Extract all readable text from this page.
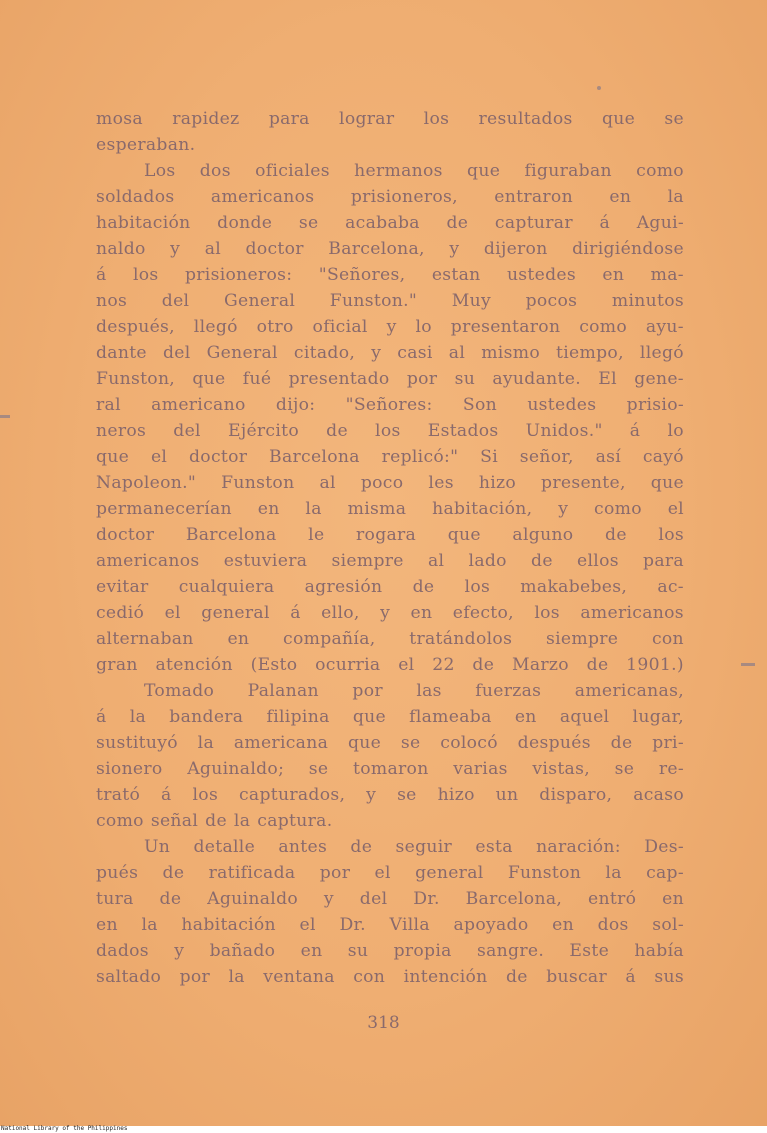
mosa rapidez para lograr los resultados que se
esperaban.
Los dos oficiales hermanos que figuraban como
soldados americanos prisioneros, entraron en la
habitación donde se acababa de capturar á Agui-
naldo y al doctor Barcelona, y dijeron dirigiéndose
á los prisioneros: "Señores, estan ustedes en ma-
nos del General Funston." Muy pocos minutos
después, llegó otro oficial y lo presentaron como ayu-
dante del General citado, y casi al mismo tiempo, llegó
Funston, que fué presentado por su ayudante. El gene-
ral americano dijo: "Señores: Son ustedes prisio-
neros del Ejército de los Estados Unidos." á lo
que el doctor Barcelona replicó:" Si señor, así cayó
Napoleon." Funston al poco les hizo presente, que
permanecerían en la misma habitación, y como el
doctor Barcelona le rogara que alguno de los
americanos estuviera siempre al lado de ellos para
evitar cualquiera agresión de los makabebes, ac-
cedió el general á ello, y en efecto, los americanos
alternaban en compañía, tratándolos siempre con
gran atención (Esto ocurria el 22 de Marzo de 1901.)
Tomado Palanan por las fuerzas americanas,
á la bandera filipina que flameaba en aquel lugar,
sustituyó la americana que se colocó después de pri-
sionero Aguinaldo; se tomaron varias vistas, se re-
trató á los capturados, y se hizo un disparo, acaso
como señal de la captura.
Un detalle antes de seguir esta naración: Des-
pués de ratificada por el general Funston la cap-
tura de Aguinaldo y del Dr. Barcelona, entró en
en la habitación el Dr. Villa apoyado en dos sol-
dados y bañado en su propia sangre. Este había
saltado por la ventana con intención de buscar á sus
318
National Library of the Philippines
